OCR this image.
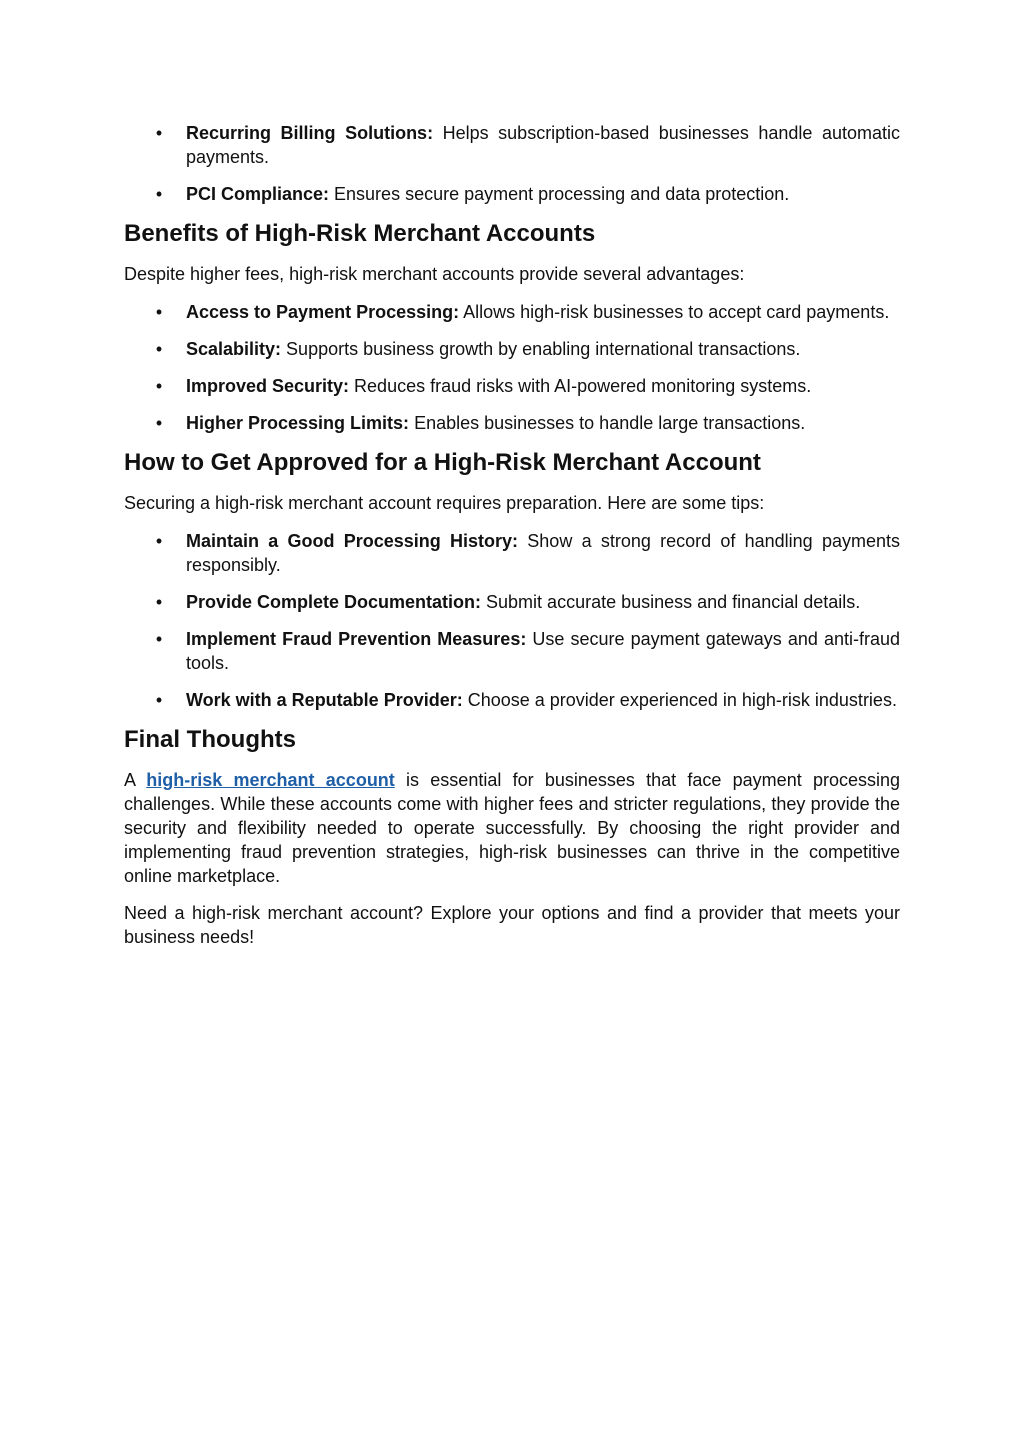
• Recurring Billing Solutions: Helps subscription-based businesses handle automatic payments.
• PCI Compliance: Ensures secure payment processing and data protection.
Benefits of High-Risk Merchant Accounts

Despite higher fees, high-risk merchant accounts provide several advantages:

• Access to Payment Processing: Allows high-risk businesses to accept card payments.
• Scalability: Supports business growth by enabling international transactions.
• Improved Security: Reduces fraud risks with AI-powered monitoring systems.
• Higher Processing Limits: Enables businesses to handle large transactions.
How to Get Approved for a High-Risk Merchant Account

Securing a high-risk merchant account requires preparation. Here are some tips:

• Maintain a Good Processing History: Show a strong record of handling payments responsibly.
• Provide Complete Documentation: Submit accurate business and financial details.
• Implement Fraud Prevention Measures: Use secure payment gateways and anti-fraud tools.
• Work with a Reputable Provider: Choose a provider experienced in high-risk industries.
Final Thoughts

A high-risk merchant account is essential for businesses that face payment processing challenges. While these accounts come with higher fees and stricter regulations, they provide the security and flexibility needed to operate successfully. By choosing the right provider and implementing fraud prevention strategies, high-risk businesses can thrive in the competitive online marketplace.

Need a high-risk merchant account? Explore your options and find a provider that meets your business needs!
